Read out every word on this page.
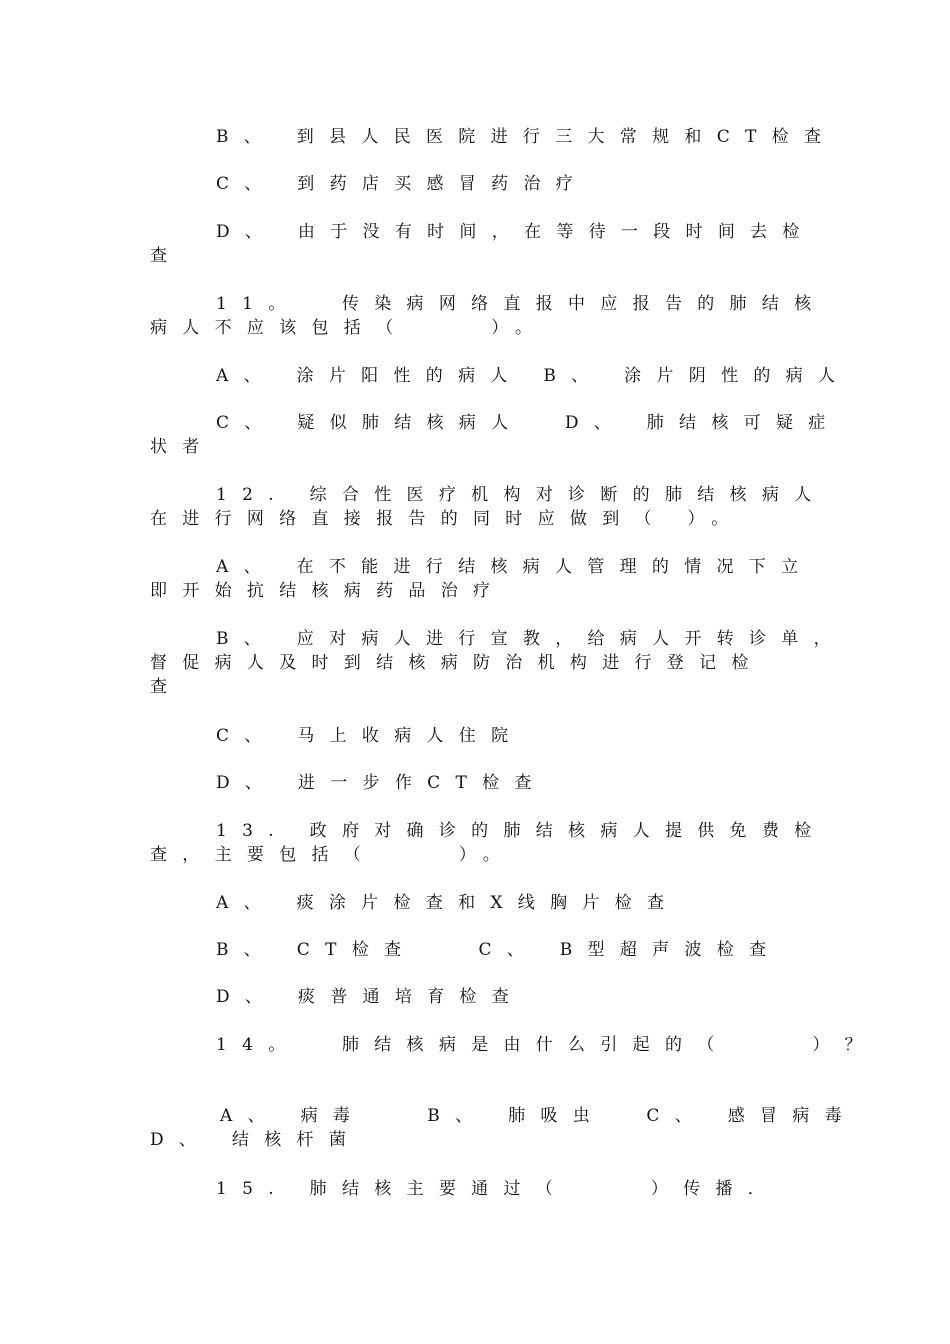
B、 到县人民医院进行三大常规和CT检查
C、 到药店买感冒药治疗
D、 由于没有时间，在等待一段时间去检
查
11。  传染病网络直报中应报告的肺结核
病人不应该包括（    ）。
A、 涂片阳性的病人 B、 涂片阴性的病人
C、 疑似肺结核病人  D、 肺结核可疑症
状者
12. 综合性医疗机构对诊断的肺结核病人
在进行网络直接报告的同时应做到（ ）。
A、 在不能进行结核病人管理的情况下立
即开始抗结核病药品治疗
B、 应对病人进行宣教，给病人开转诊单，
督促病人及时到结核病防治机构进行登记检
查
C、 马上收病人住院
D、 进一步作CT检查
13. 政府对确诊的肺结核病人提供免费检
查，主要包括（    ）。
A、 痰涂片检查和X线胸片检查
B、 CT检查   C、 B型超声波检查
D、 痰普通培育检查
14。  肺结核病是由什么引起的（    ）？
A、 病毒   B、 肺吸虫  C、 感冒病毒
D、 结核杆菌
15. 肺结核主要通过（    ）传播．
